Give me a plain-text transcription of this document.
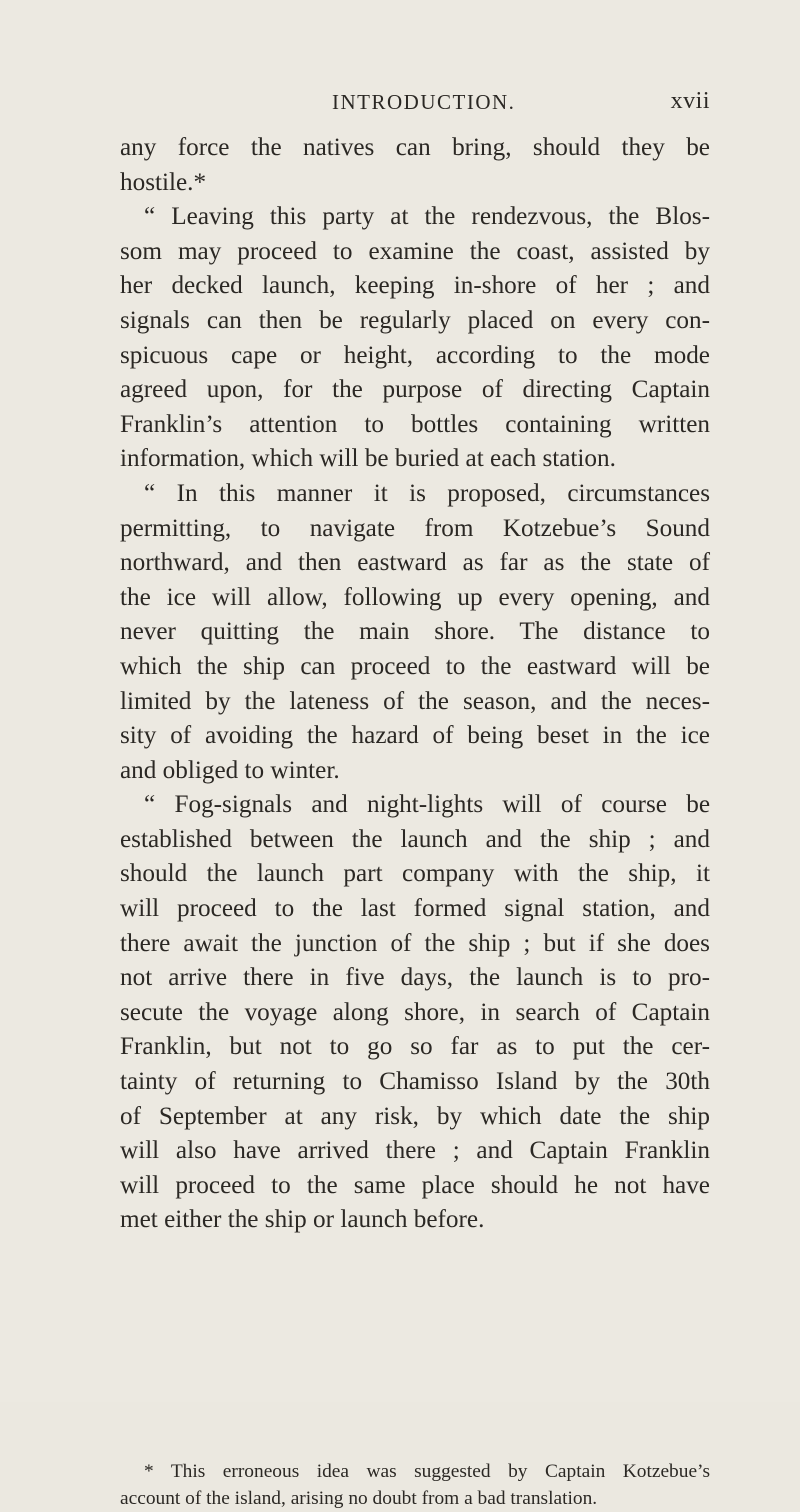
INTRODUCTION.	xvii
any force the natives can bring, should they be
hostile.*
“ Leaving this party at the rendezvous, the Blos-
som may proceed to examine the coast, assisted by
her decked launch, keeping in-shore of her ; and
signals can then be regularly placed on every con-
spicuous cape or height, according to the mode
agreed upon, for the purpose of directing Captain
Franklin’s attention to bottles containing written
information, which will be buried at each station.
“ In this manner it is proposed, circumstances
permitting, to navigate from Kotzebue’s Sound
northward, and then eastward as far as the state of
the ice will allow, following up every opening, and
never quitting the main shore. The distance to
which the ship can proceed to the eastward will be
limited by the lateness of the season, and the neces-
sity of avoiding the hazard of being beset in the ice
and obliged to winter.
“ Fog-signals and night-lights will of course be
established between the launch and the ship ; and
should the launch part company with the ship, it
will proceed to the last formed signal station, and
there await the junction of the ship ; but if she does
not arrive there in five days, the launch is to pro-
secute the voyage along shore, in search of Captain
Franklin, but not to go so far as to put the cer-
tainty of returning to Chamisso Island by the 30th
of September at any risk, by which date the ship
will also have arrived there ; and Captain Franklin
will proceed to the same place should he not have
met either the ship or launch before.
* This erroneous idea was suggested by Captain Kotzebue’s
account of the island, arising no doubt from a bad translation.
